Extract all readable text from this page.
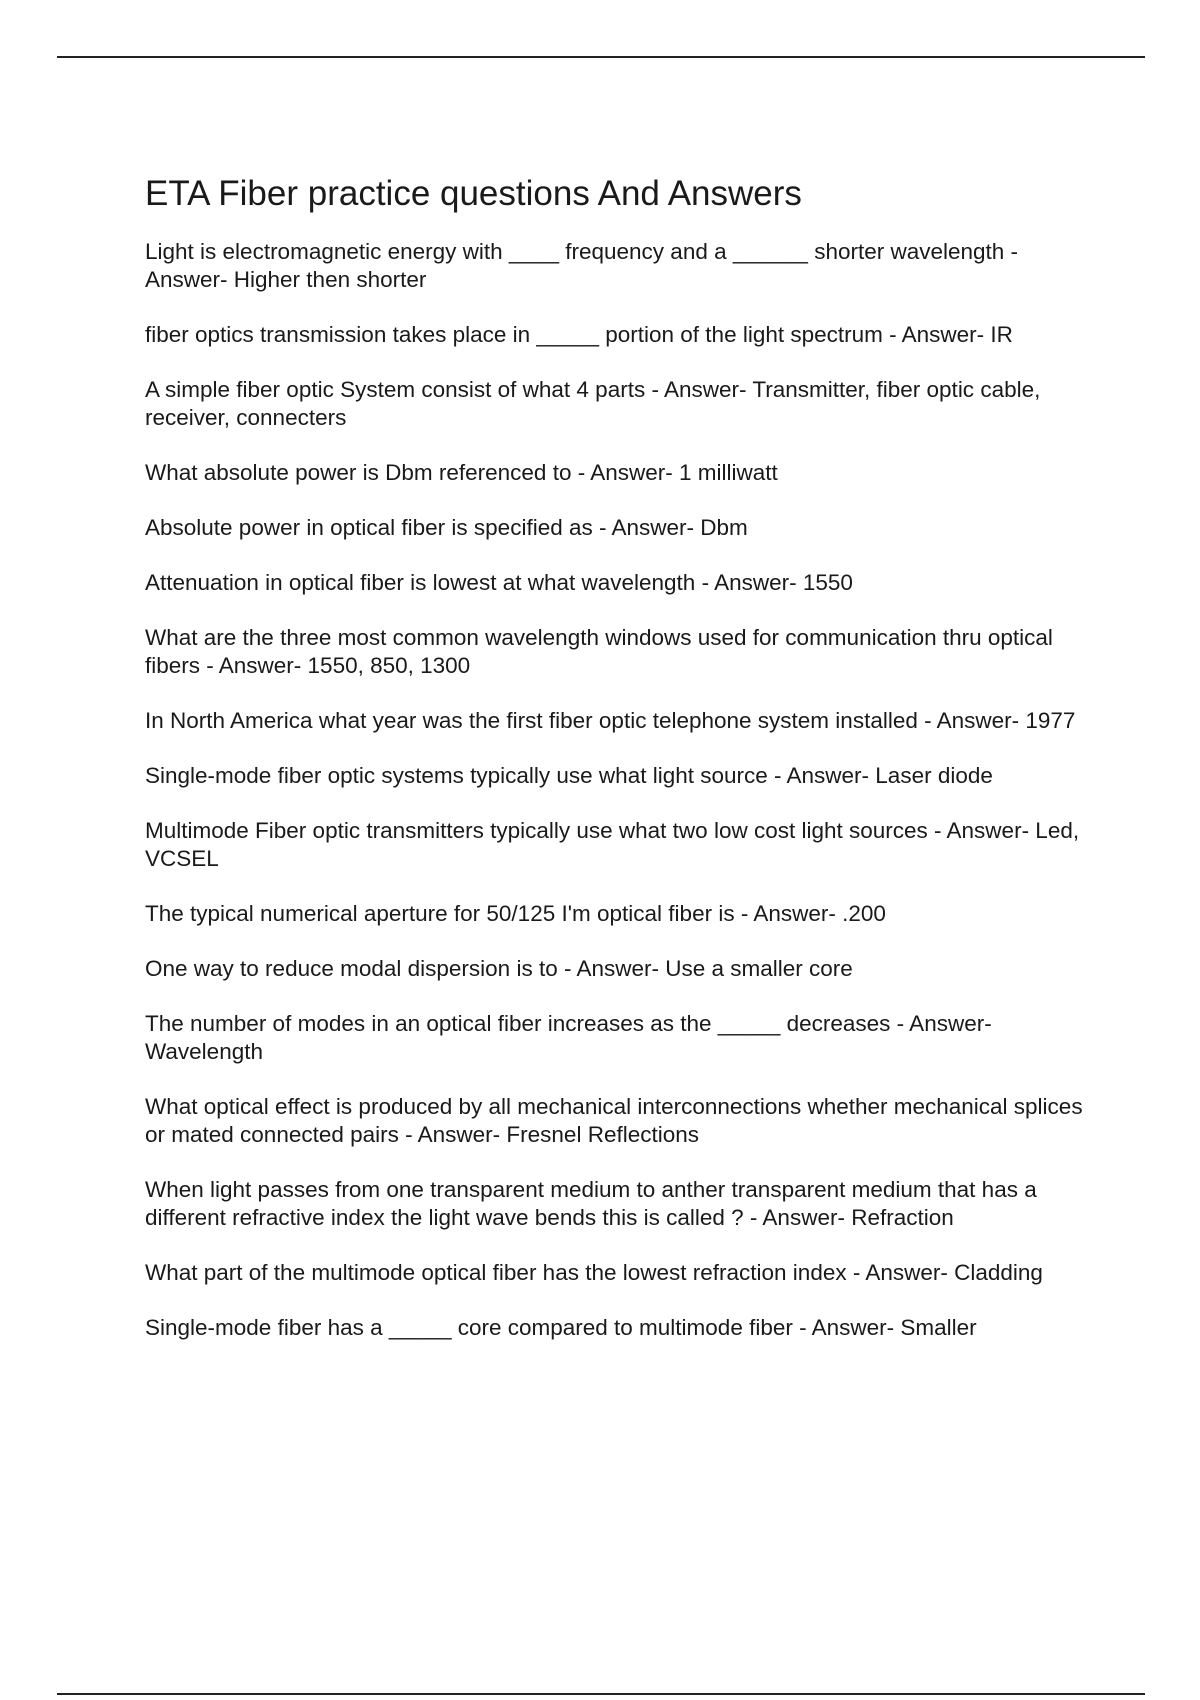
ETA Fiber practice questions And Answers
Light is electromagnetic energy with ____ frequency and a ______ shorter wavelength - Answer- Higher then shorter
fiber optics transmission takes place in _____ portion of the light spectrum - Answer- IR
A simple fiber optic System consist of what 4 parts - Answer- Transmitter, fiber optic cable, receiver, connecters
What absolute power is Dbm referenced to - Answer- 1 milliwatt
Absolute power in optical fiber is specified as - Answer- Dbm
Attenuation in optical fiber is lowest at what wavelength - Answer- 1550
What are the three most common wavelength windows used for communication thru optical fibers - Answer- 1550, 850, 1300
In North America what year was the first fiber optic telephone system installed - Answer- 1977
Single-mode fiber optic systems typically use what light source - Answer- Laser diode
Multimode Fiber optic transmitters typically use what two low cost light sources - Answer- Led, VCSEL
The typical numerical aperture for 50/125 I'm optical fiber is - Answer- .200
One way to reduce modal dispersion is to - Answer- Use a smaller core
The number of modes in an optical fiber increases as the _____ decreases - Answer- Wavelength
What optical effect is produced by all mechanical interconnections whether mechanical splices or mated connected pairs - Answer- Fresnel Reflections
When light passes from one transparent medium to anther transparent medium that has a different refractive index the light wave bends this is called ? - Answer- Refraction
What part of the multimode optical fiber has the lowest refraction index - Answer- Cladding
Single-mode fiber has a _____ core compared to multimode fiber - Answer- Smaller
